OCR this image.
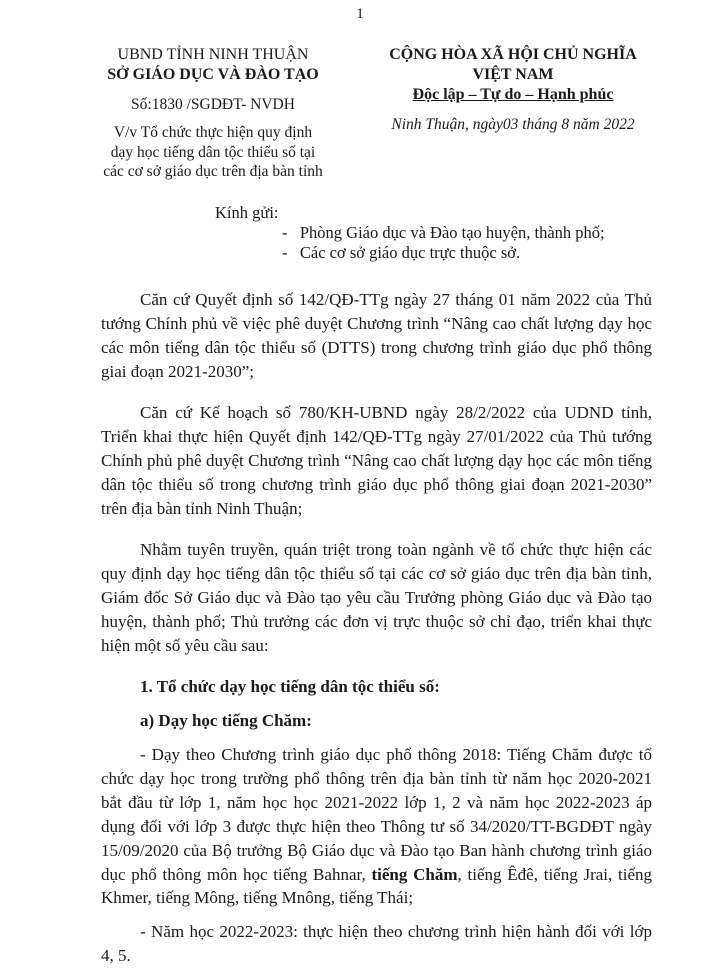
1
UBND TỈNH NINH THUẬN
SỞ GIÁO DỤC VÀ ĐÀO TẠO
Số:1830 /SGDĐT- NVDH
V/v Tổ chức thực hiện quy định
dạy học tiếng dân tộc thiểu số tại
các cơ sở giáo dục trên địa bàn tỉnh
CỘNG HÒA XÃ HỘI CHỦ NGHĨA VIỆT NAM
Độc lập – Tự do – Hạnh phúc
Ninh Thuận, ngày03 tháng 8 năm 2022
Kính gửi:
-   Phòng Giáo dục và Đào tạo huyện, thành phố;
-   Các cơ sở giáo dục trực thuộc sở.
Căn cứ Quyết định số 142/QĐ-TTg ngày 27 tháng 01 năm 2022 của Thủ
tướng Chính phủ về việc phê duyệt Chương trình “Nâng cao chất lượng dạy học
các môn tiếng dân tộc thiểu số (DTTS) trong chương trình giáo dục phổ thông
giai đoạn 2021-2030”;
Căn cứ Kế hoạch số 780/KH-UBND ngày 28/2/2022 của UDND tỉnh,
Triển khai thực hiện Quyết định 142/QĐ-TTg ngày 27/01/2022 của Thủ tướng
Chính phủ phê duyệt Chương trình “Nâng cao chất lượng dạy học các môn tiếng
dân tộc thiểu số trong chương trình giáo dục phổ thông giai đoạn 2021-2030”
trên địa bàn tỉnh Ninh Thuận;
Nhằm tuyên truyền, quán triệt trong toàn ngành về tổ chức thực hiện các
quy định dạy học tiếng dân tộc thiểu số tại các cơ sở giáo dục trên địa bàn tỉnh,
Giám đốc Sở Giáo dục và Đào tạo yêu cầu Trưởng phòng Giáo dục và Đào tạo
huyện, thành phố; Thủ trưởng các đơn vị trực thuộc sở chỉ đạo, triển khai thực
hiện một số yêu cầu sau:
1. Tổ chức dạy học tiếng dân tộc thiểu số:
a) Dạy học tiếng Chăm:
- Dạy theo Chương trình giáo dục phổ thông 2018: Tiếng Chăm được tổ
chức dạy học trong trường phổ thông trên địa bàn tỉnh từ năm học 2020-2021
bắt đầu từ lớp 1, năm học học 2021-2022 lớp 1, 2 và năm học 2022-2023 áp
dụng đối với lớp 3 được thực hiện theo Thông tư số 34/2020/TT-BGDĐT ngày
15/09/2020 của Bộ trưởng Bộ Giáo dục và Đào tạo Ban hành chương trình giáo
dục phổ thông môn học tiếng Bahnar, tiếng Chăm, tiếng Êđê, tiếng Jrai, tiếng
Khmer, tiếng Mông, tiếng Mnông, tiếng Thái;
- Năm học 2022-2023: thực hiện theo chương trình hiện hành đối với lớp
4, 5.
